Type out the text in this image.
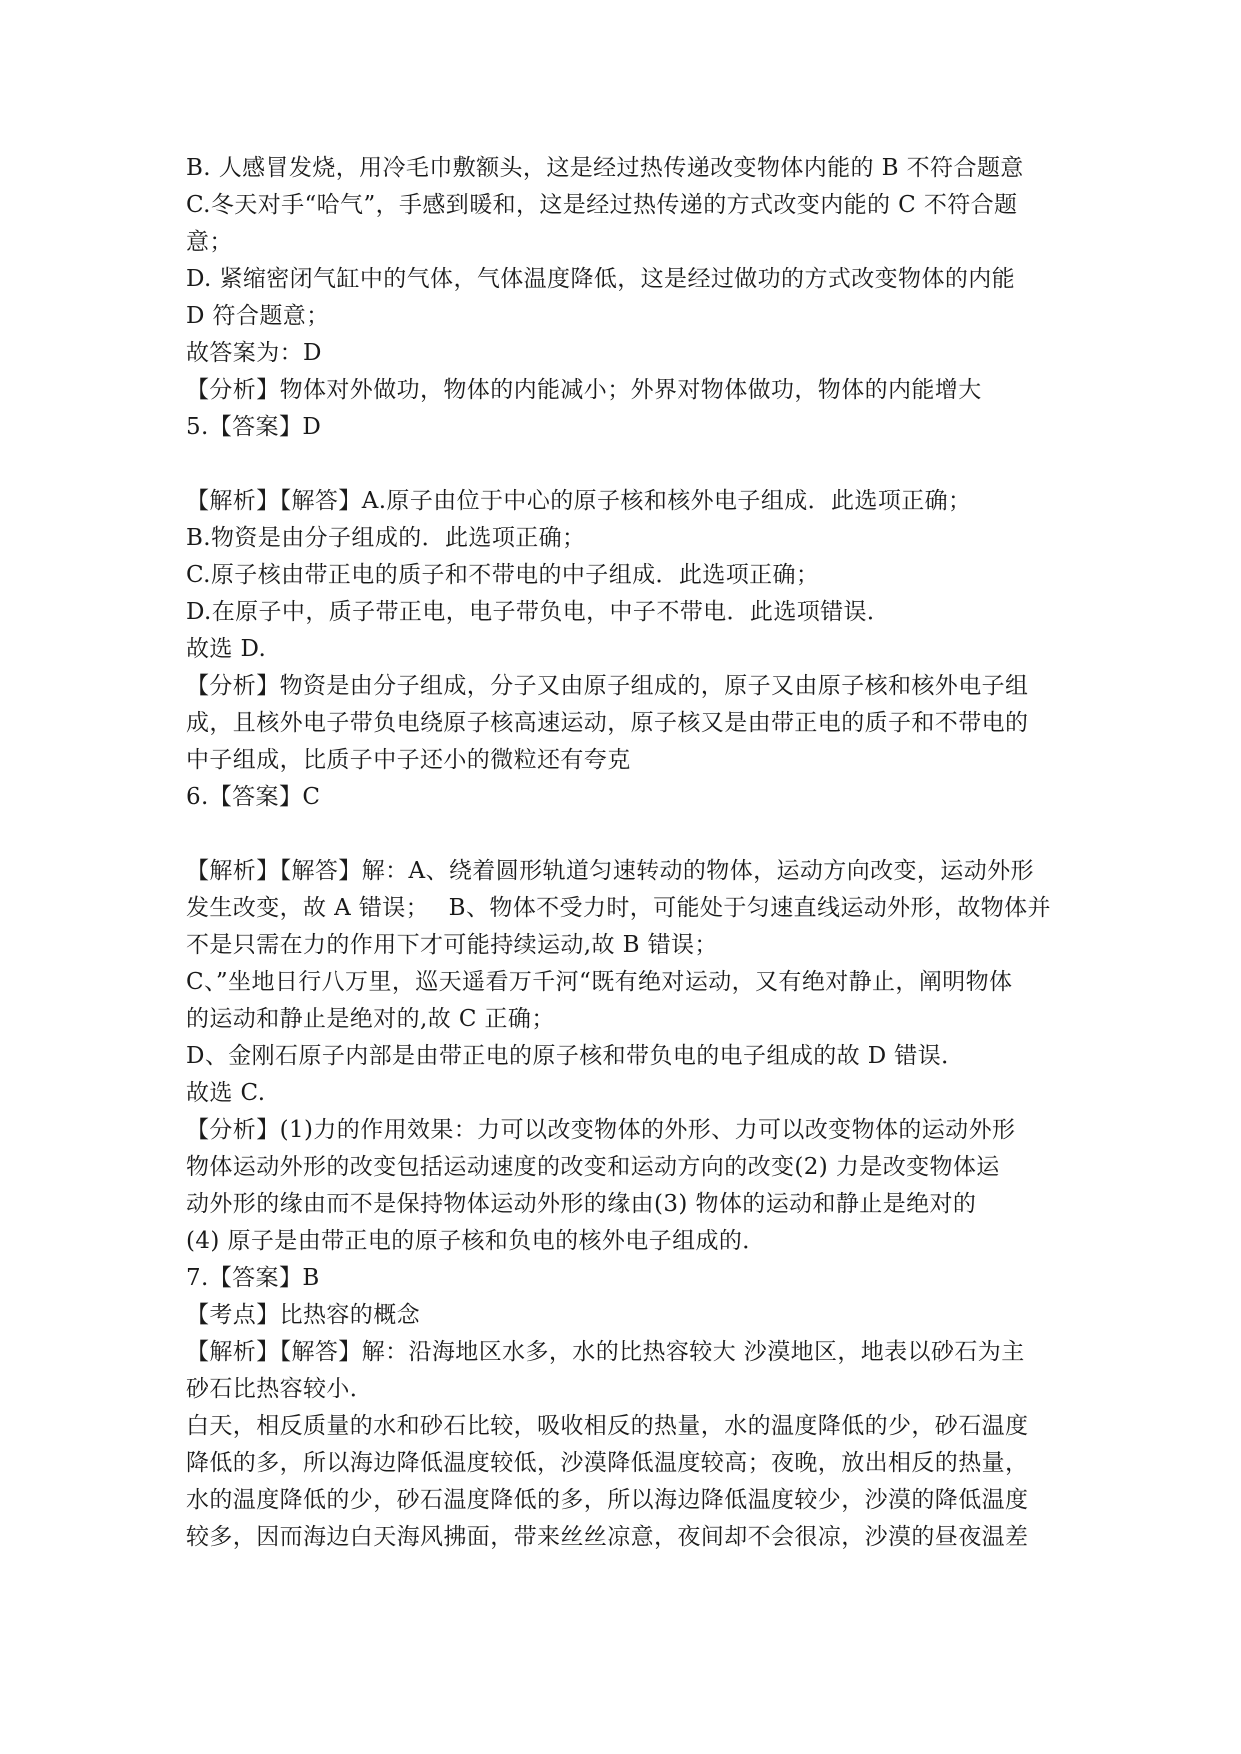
B. 人感冒发烧，用冷毛巾敷额头，这是经过热传递改变物体内能的 B 不符合题意
C.冬天对手“哈气”，手感到暖和，这是经过热传递的方式改变内能的 C 不符合题
意；
D. 紧缩密闭气缸中的气体，气体温度降低，这是经过做功的方式改变物体的内能
D 符合题意；
故答案为：D
【分析】物体对外做功，物体的内能减小；外界对物体做功，物体的内能增大
5.【答案】D
【解析】【解答】A.原子由位于中心的原子核和核外电子组成．此选项正确；
B.物资是由分子组成的．此选项正确；
C.原子核由带正电的质子和不带电的中子组成．此选项正确；
D.在原子中，质子带正电，电子带负电，中子不带电．此选项错误．
故选 D.
【分析】物资是由分子组成，分子又由原子组成的，原子又由原子核和核外电子组
成，且核外电子带负电绕原子核高速运动，原子核又是由带正电的质子和不带电的
中子组成，比质子中子还小的微粒还有夸克
6.【答案】C
【解析】【解答】解：A、绕着圆形轨道匀速转动的物体，运动方向改变，运动外形
发生改变，故 A 错误；　 B、物体不受力时，可能处于匀速直线运动外形，故物体并
不是只需在力的作用下才可能持续运动,故 B 错误；
C、”坐地日行八万里，巡天遥看万千河“既有绝对运动，又有绝对静止，阐明物体
的运动和静止是绝对的,故 C 正确；
D、金刚石原子内部是由带正电的原子核和带负电的电子组成的故 D 错误．
故选 C.
【分析】(1)力的作用效果：力可以改变物体的外形、力可以改变物体的运动外形
物体运动外形的改变包括运动速度的改变和运动方向的改变(2) 力是改变物体运
动外形的缘由而不是保持物体运动外形的缘由(3) 物体的运动和静止是绝对的
(4) 原子是由带正电的原子核和负电的核外电子组成的．
7.【答案】B
【考点】比热容的概念
【解析】【解答】解：沿海地区水多，水的比热容较大 沙漠地区，地表以砂石为主
砂石比热容较小．
白天，相反质量的水和砂石比较，吸收相反的热量，水的温度降低的少，砂石温度
降低的多，所以海边降低温度较低，沙漠降低温度较高；夜晚，放出相反的热量，
水的温度降低的少，砂石温度降低的多，所以海边降低温度较少，沙漠的降低温度
较多，因而海边白天海风拂面，带来丝丝凉意，夜间却不会很凉，沙漠的昼夜温差
